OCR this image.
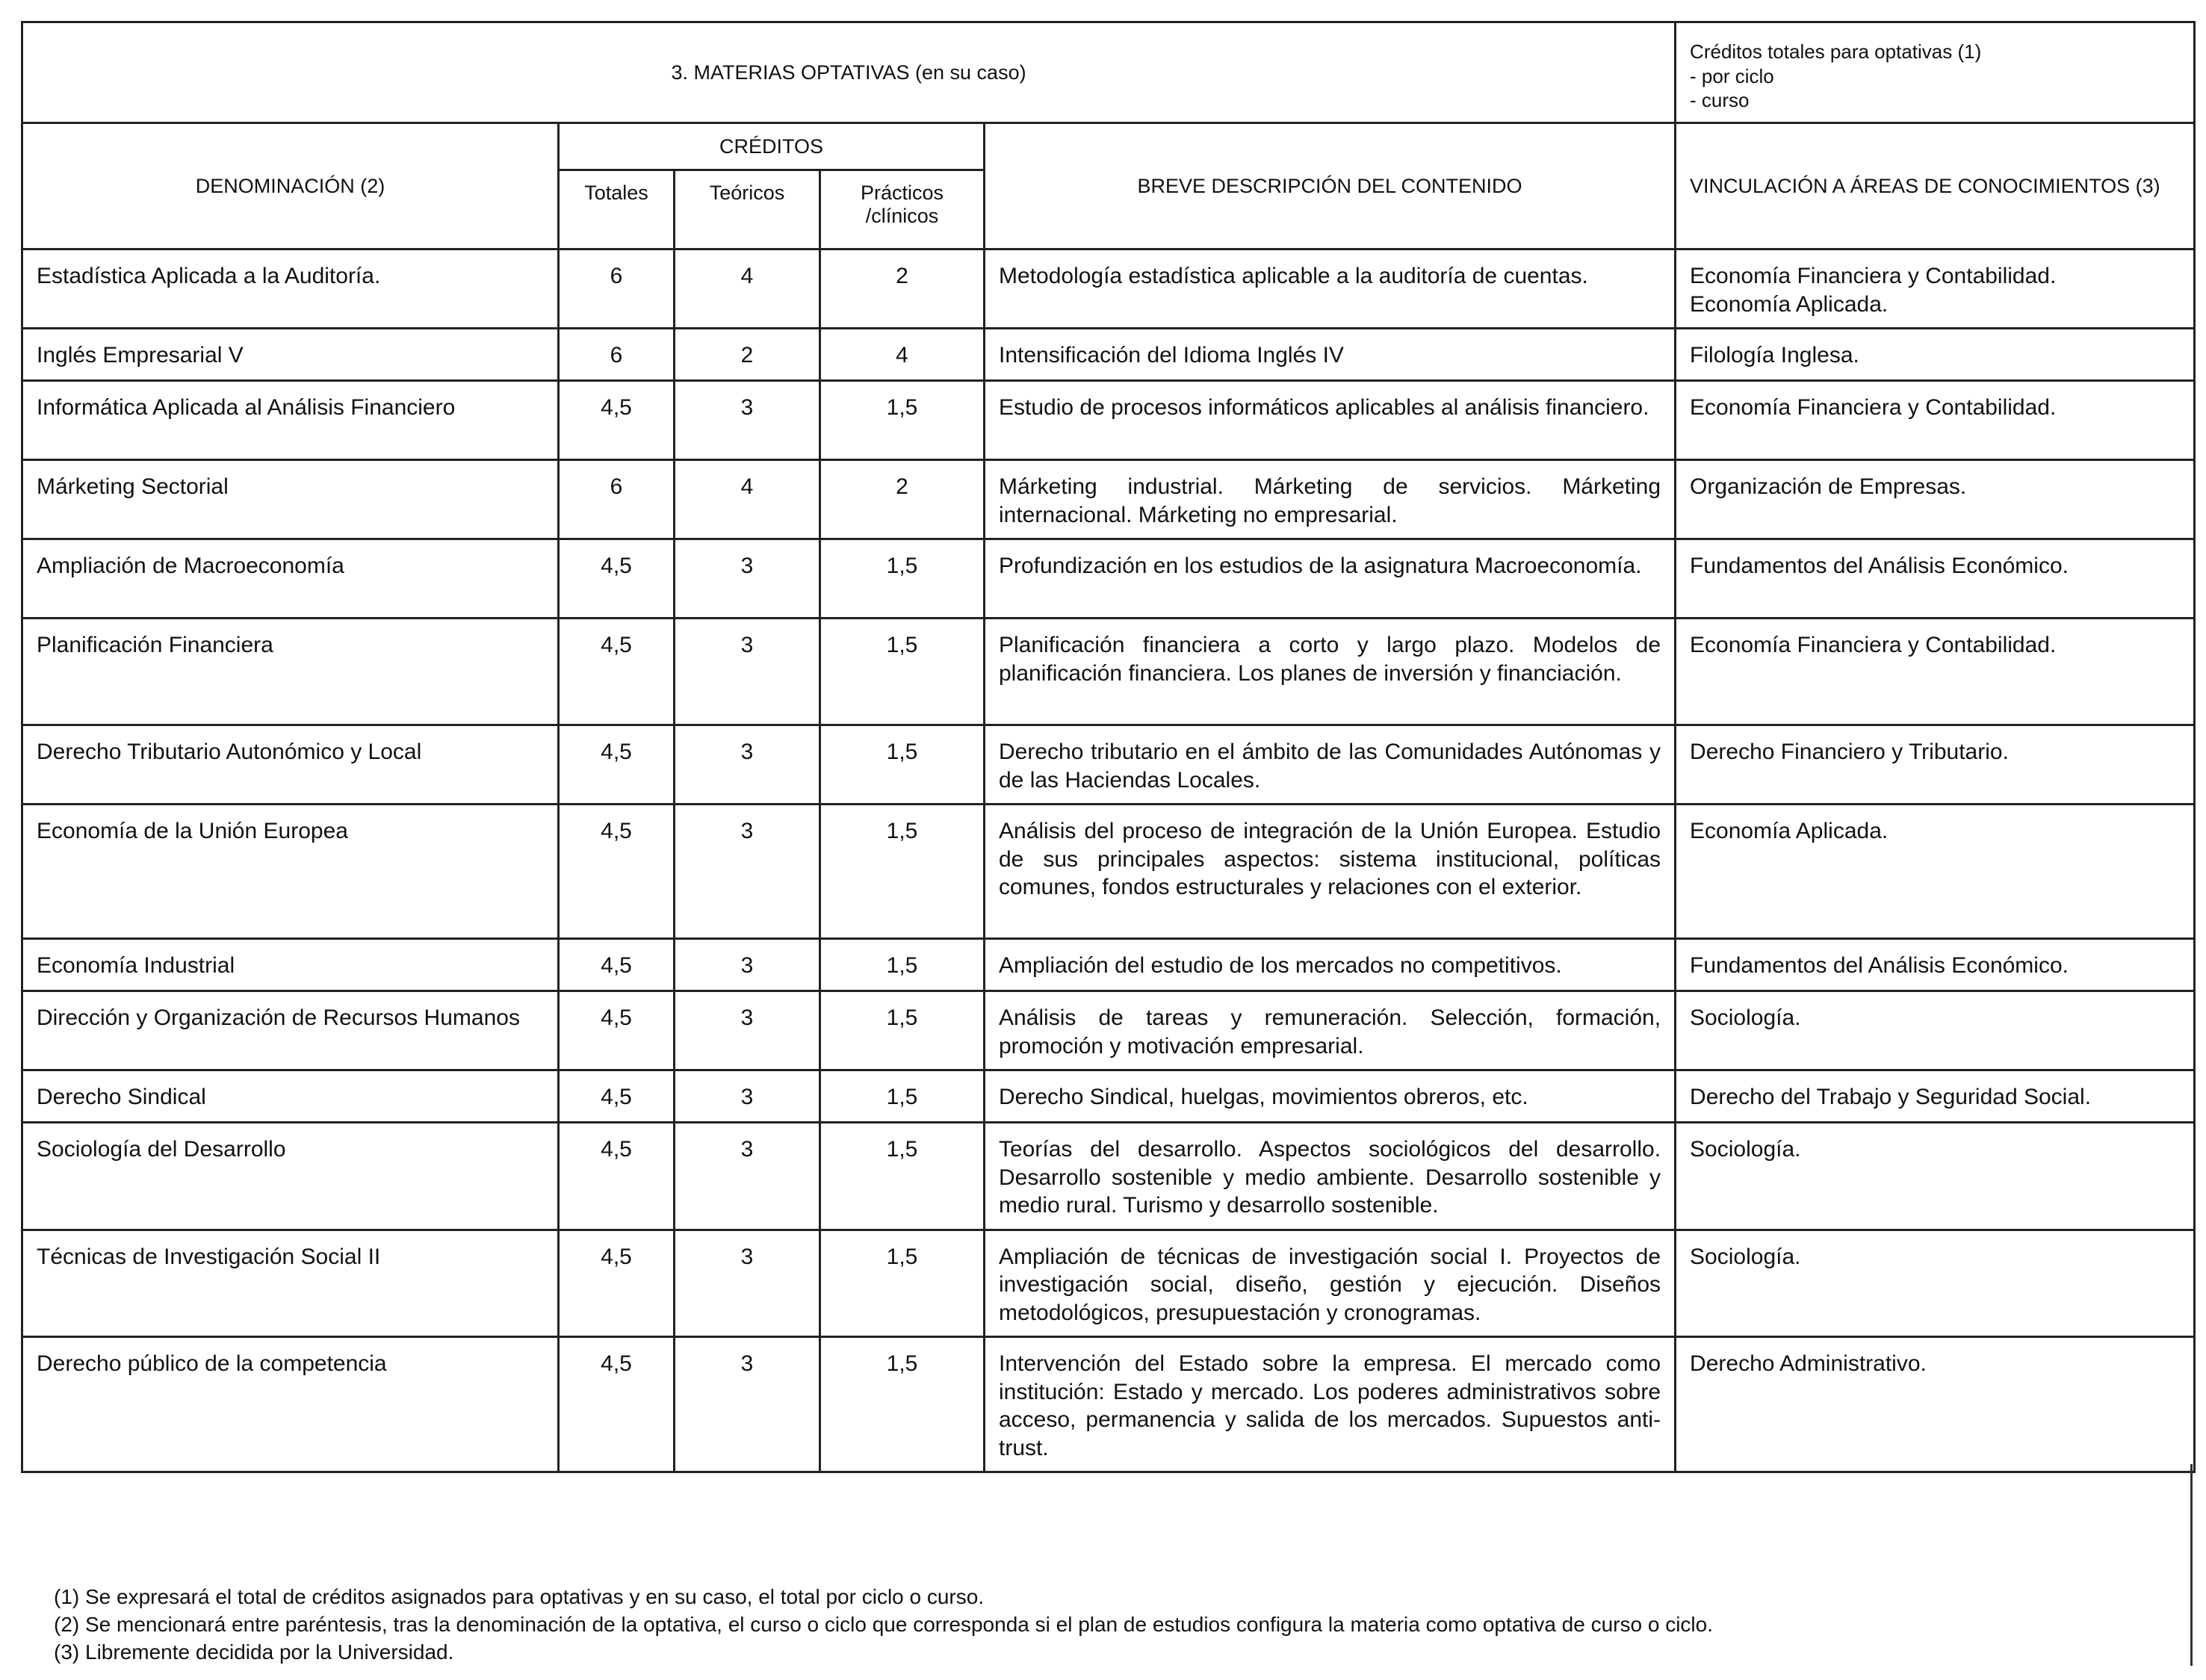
3. MATERIAS OPTATIVAS (en su caso)					Créditos totales para optativas (1)
- por ciclo
- curso

DENOMINACIÓN (2)	CRÉDITOS			BREVE DESCRIPCIÓN DEL CONTENIDO	VINCULACIÓN A ÁREAS DE CONOCIMIENTOS (3)
	Totales	Teóricos	Prácticos
/clínicos		

Estadística Aplicada a la Auditoría.	6	4	2	Metodología estadística aplicable a la auditoría de cuentas.	Economía Financiera y Contabilidad.
Economía Aplicada.

Inglés Empresarial V	6	2	4	Intensificación del Idioma Inglés IV	Filología Inglesa.

Informática Aplicada al Análisis Financiero	4,5	3	1,5	Estudio de procesos informáticos aplicables al análisis financiero.	Economía Financiera y Contabilidad.

Márketing Sectorial	6	4	2	Márketing industrial. Márketing de servicios. Márketing internacional. Márketing no empresarial.	Organización de Empresas.

Ampliación de Macroeconomía	4,5	3	1,5	Profundización en los estudios de la asignatura Macroeconomía.	Fundamentos del Análisis Económico.

Planificación Financiera	4,5	3	1,5	Planificación financiera a corto y largo plazo. Modelos de planificación financiera. Los planes de inversión y financiación.	Economía Financiera y Contabilidad.

Derecho Tributario Autonómico y Local	4,5	3	1,5	Derecho tributario en el ámbito de las Comunidades Autónomas y de las Haciendas Locales.	Derecho Financiero y Tributario.

Economía de la Unión Europea	4,5	3	1,5	Análisis del proceso de integración de la Unión Europea. Estudio de sus principales aspectos: sistema institucional, políticas comunes, fondos estructurales y relaciones con el exterior.	Economía Aplicada.

Economía Industrial	4,5	3	1,5	Ampliación del estudio de los mercados no competitivos.	Fundamentos del Análisis Económico.

Dirección y Organización de Recursos Humanos	4,5	3	1,5	Análisis de tareas y remuneración. Selección, formación, promoción y motivación empresarial.	Sociología.

Derecho Sindical	4,5	3	1,5	Derecho Sindical, huelgas, movimientos obreros, etc.	Derecho del Trabajo y Seguridad Social.

Sociología del Desarrollo	4,5	3	1,5	Teorías del desarrollo. Aspectos sociológicos del desarrollo. Desarrollo sostenible y medio ambiente. Desarrollo sostenible y medio rural. Turismo y desarrollo sostenible.	Sociología.

Técnicas de Investigación Social II	4,5	3	1,5	Ampliación de técnicas de investigación social I. Proyectos de investigación social, diseño, gestión y ejecución. Diseños metodológicos, presupuestación y cronogramas.	Sociología.

Derecho público de la competencia	4,5	3	1,5	Intervención del Estado sobre la empresa. El mercado como institución: Estado y mercado. Los poderes administrativos sobre acceso, permanencia y salida de los mercados. Supuestos anti-trust.	Derecho Administrativo.
(1) Se expresará el total de créditos asignados para optativas y en su caso, el total por ciclo o curso.
(2) Se mencionará entre paréntesis, tras la denominación de la optativa, el curso o ciclo que corresponda si el plan de estudios configura la materia como optativa de curso o ciclo.
(3) Libremente decidida por la Universidad.
